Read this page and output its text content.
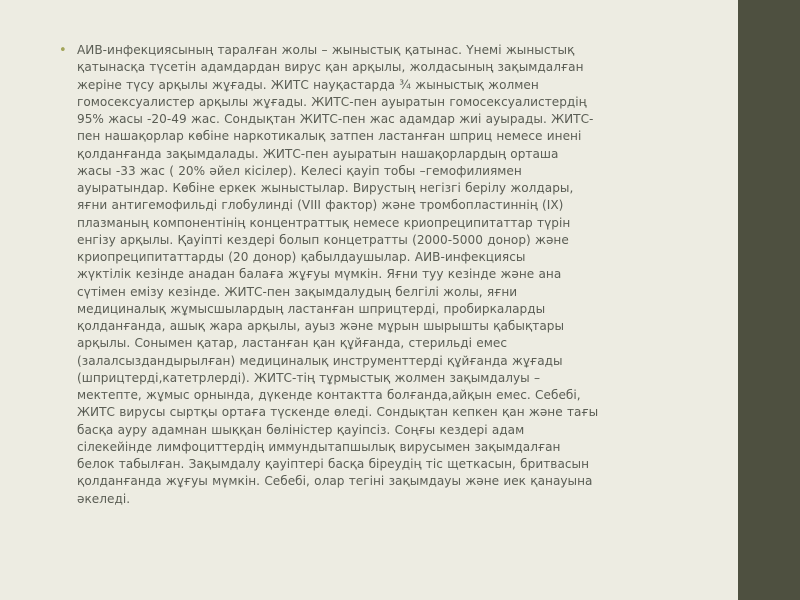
• АИВ-инфекциясының таралған жолы – жыныстық қатынас. Үнемі жыныстық
қатынасқа түсетін адамдардан вирус қан арқылы, жолдасының зақымдалған
жеріне түсу арқылы жұғады. ЖИТС науқастарда ¾ жыныстық жолмен
гомосексуалистер арқылы жұғады. ЖИТС-пен ауыратын гомосексуалистердің
95% жасы -20-49 жас. Сондықтан ЖИТС-пен жас адамдар жиі ауырады. ЖИТС-
пен нашақорлар көбіне наркотикалық затпен ластанған шприц немесе инені
қолданғанда зақымдалады. ЖИТС-пен ауыратын нашақорлардың орташа
жасы -33 жас ( 20% әйел кісілер). Келесі қауіп тобы –гемофилиямен
ауыратындар. Көбіне еркек жыныстылар. Вирустың негізгі берілу жолдары,
яғни антигемофильді глобулинді (VIII фактор) және тромбопластиннің (IX)
плазманың компонентінің концентраттық немесе криопреципитаттар түрін
енгізу арқылы. Қауіпті кездері болып концетратты (2000-5000 донор) және
криопреципитаттарды (20 донор) қабылдаушылар. АИВ-инфекциясы
жүктілік кезінде анадан балаға жұғуы мүмкін. Яғни туу кезінде және ана
сүтімен емізу кезінде. ЖИТС-пен зақымдалудың белгілі жолы, яғни
медициналық жұмысшылардың ластанған шприцтерді, пробиркаларды
қолданғанда, ашық жара арқылы, ауыз және мұрын шырышты қабықтары
арқылы. Сонымен қатар, ластанған қан құйғанда, стерильді емес
(залалсыздандырылған) медициналық инструменттерді құйғанда жұғады
(шприцтерді,катетрлерді). ЖИТС-тің тұрмыстық жолмен зақымдалуы –
мектепте, жұмыс орнында, дүкенде контактта болғанда,айқын емес. Себебі,
ЖИТС вирусы сыртқы ортаға түскенде өледі. Сондықтан кепкен қан және тағы
басқа ауру адамнан шыққан бөліністер қауіпсіз. Соңғы кездері адам
сілекейінде лимфоциттердің иммундытапшылық вирусымен зақымдалған
белок табылған. Зақымдалу қауіптері басқа біреудің тіс щеткасын, бритвасын
қолданғанда жұғуы мүмкін. Себебі, олар тегіні зақымдауы және иек қанауына
әкеледі.
